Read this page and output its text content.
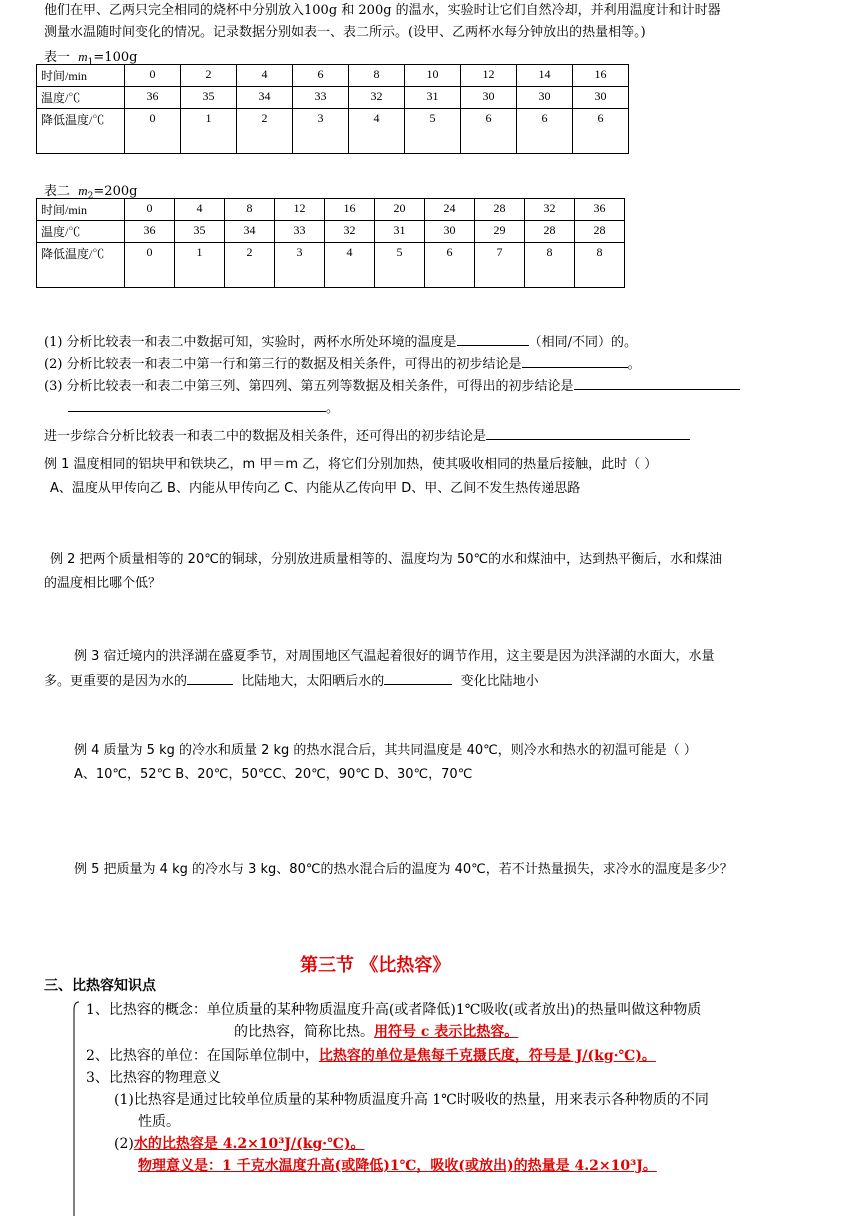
他们在甲、乙两只完全相同的烧杯中分别放入100g 和 200g 的温水，实验时让它们自然冷却，并利用温度计和计时器
测量水温随时间变化的情况。记录数据分别如表一、表二所示。(设甲、乙两杯水每分钟放出的热量相等。)
表一 $m_1=100g$
时间/min	0	2	4	6	8	10	12	14	16
温度/℃	36	35	34	33	32	31	30	30	30
降低温度/℃	0	1	2	3	4	5	6	6	6
表二 $m_2=200g$
时间/min	0	4	8	12	16	20	24	28	32	36
温度/℃	36	35	34	33	32	31	30	29	28	28
降低温度/℃	0	1	2	3	4	5	6	7	8	8
(1) 分析比较表一和表二中数据可知，实验时，两杯水所处环境的温度是	（相同/不同）的。
(2) 分析比较表一和表二中第一行和第三行的数据及相关条件，可得出的初步结论是	。
(3) 分析比较表一和表二中第三列、第四列、第五列等数据及相关条件，可得出的初步结论是
。
进一步综合分析比较表一和表二中的数据及相关条件，还可得出的初步结论是
例 1 温度相同的铝块甲和铁块乙，m 甲＝m 乙，将它们分别加热，使其吸收相同的热量后接触，此时（ ）
A、温度从甲传向乙 B、内能从甲传向乙 C、内能从乙传向甲 D、甲、乙间不发生热传递思路
例 2 把两个质量相等的 20℃的铜球，分别放进质量相等的、温度均为 50℃的水和煤油中，达到热平衡后，水和煤油
的温度相比哪个低？
例 3 宿迁境内的洪泽湖在盛夏季节，对周围地区气温起着很好的调节作用，这主要是因为洪泽湖的水面大，水量
多。更重要的是因为水的	比陆地大，太阳晒后水的	变化比陆地小
例 4 质量为 5 kg 的冷水和质量 2 kg 的热水混合后，其共同温度是 40℃，则冷水和热水的初温可能是（ ）
A、10℃，52℃ B、20℃，50℃C、20℃，90℃ D、30℃，70℃
例 5 把质量为 4 kg 的冷水与 3 kg、80℃的热水混合后的温度为 40℃，若不计热量损失，求冷水的温度是多少？
第三节 《比热容》
三、比热容知识点
1、比热容的概念：单位质量的某种物质温度升高(或者降低)1℃吸收(或者放出)的热量叫做这种物质
的比热容，简称比热。用符号 c 表示比热容。
2、比热容的单位：在国际单位制中，比热容的单位是焦每千克摄氏度，符号是 J/(kg·℃)。
3、比热容的物理意义
(1)比热容是通过比较单位质量的某种物质温度升高 1℃时吸收的热量，用来表示各种物质的不同
性质。
(2)水的比热容是 4.2×10³J/(kg·℃)。
物理意义是：1 千克水温度升高(或降低)1℃，吸收(或放出)的热量是 4.2×10³J。
